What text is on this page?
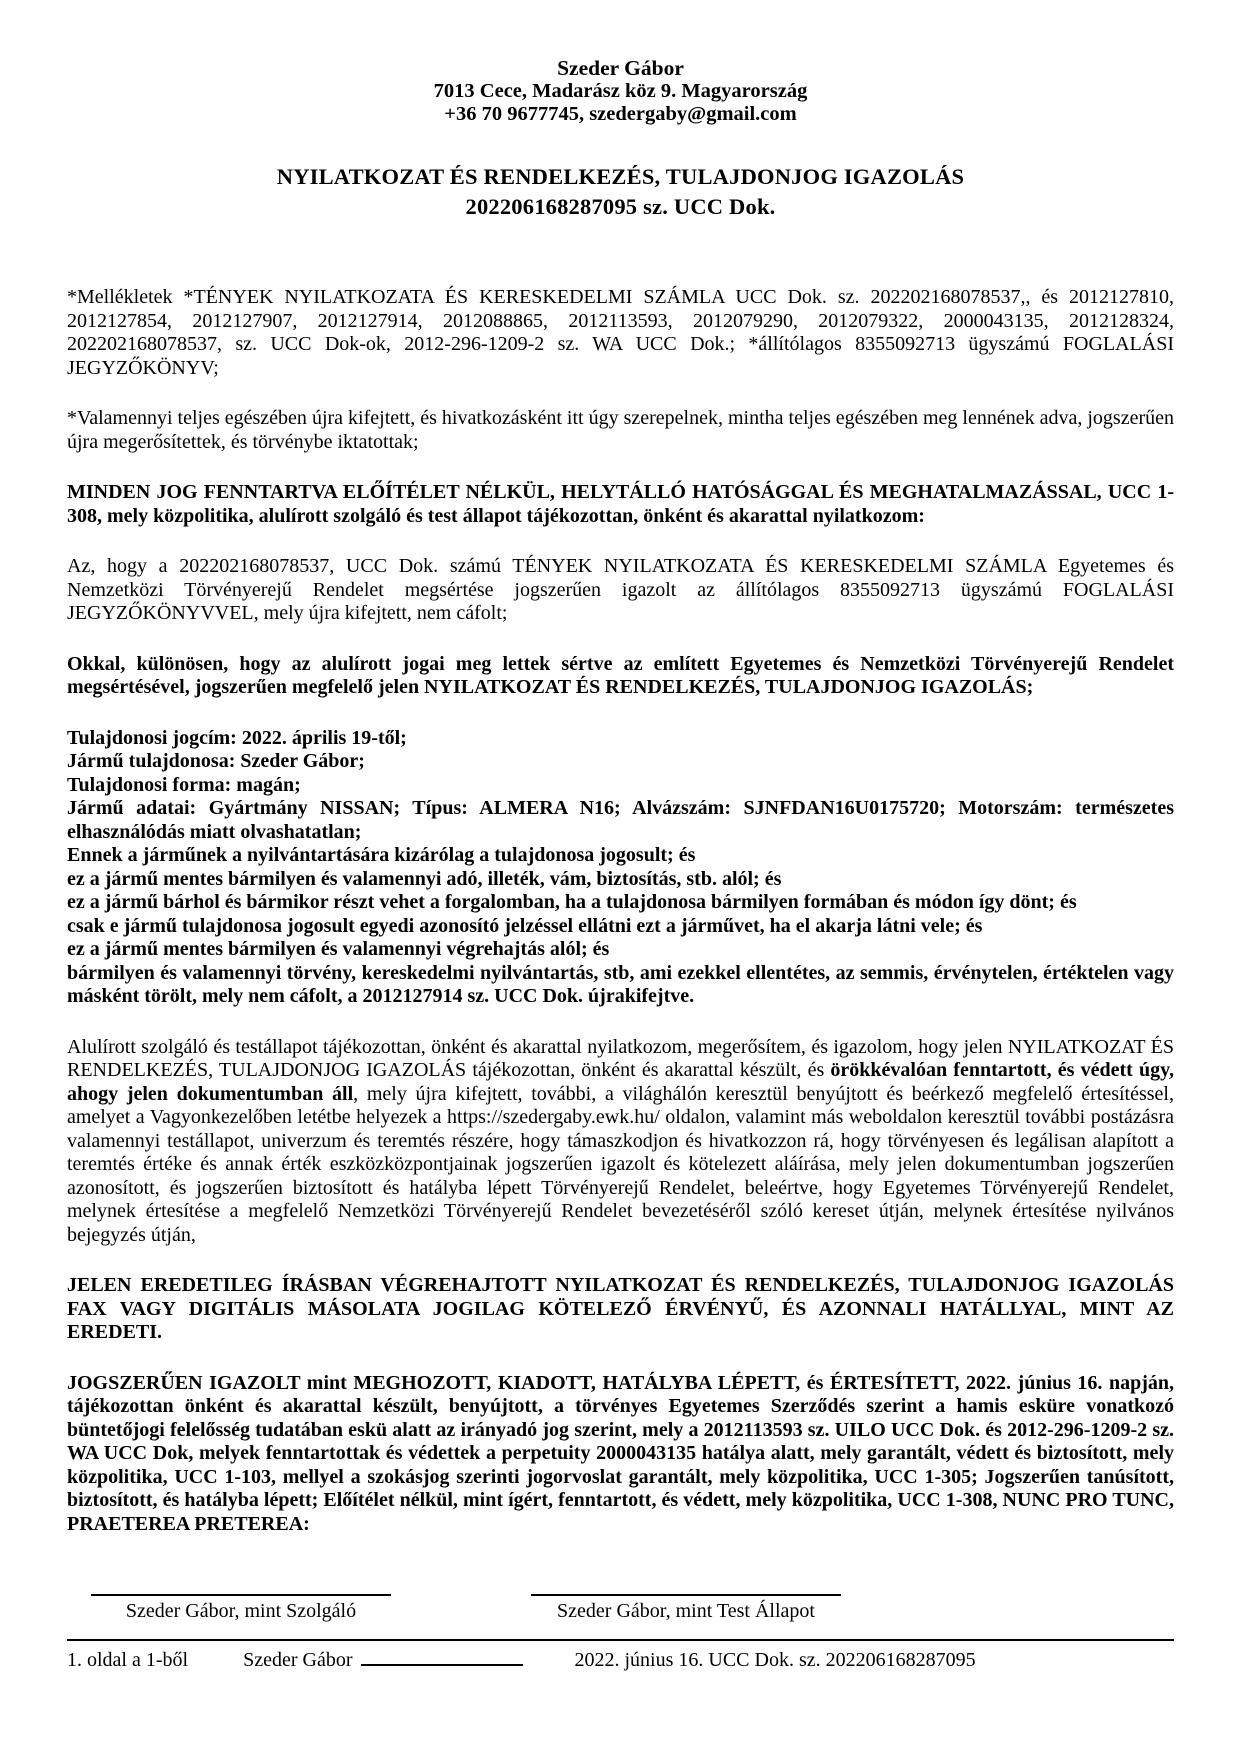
Szeder Gábor
7013 Cece, Madarász köz 9. Magyarország
+36 70 9677745, szedergaby@gmail.com
NYILATKOZAT ÉS RENDELKEZÉS, TULAJDONJOG IGAZOLÁS
202206168287095 sz. UCC Dok.

*Mellékletek *TÉNYEK NYILATKOZATA ÉS KERESKEDELMI SZÁMLA UCC Dok. sz. 202202168078537,, és 2012127810, 2012127854, 2012127907, 2012127914, 2012088865, 2012113593, 2012079290, 2012079322, 2000043135, 2012128324, 202202168078537, sz. UCC Dok-ok, 2012-296-1209-2 sz. WA UCC Dok.; *állítólagos 8355092713 ügyszámú FOGLALÁSI JEGYZŐKÖNYV;

*Valamennyi teljes egészében újra kifejtett, és hivatkozásként itt úgy szerepelnek, mintha teljes egészében meg lennének adva, jogszerűen újra megerősítettek, és törvénybe iktatottak;

MINDEN JOG FENNTARTVA ELŐÍTÉLET NÉLKÜL, HELYTÁLLÓ HATÓSÁGGAL ÉS MEGHATALMAZÁSSAL, UCC 1-308, mely közpolitika, alulírott szolgáló és test állapot tájékozottan, önként és akarattal nyilatkozom:

Az, hogy a 202202168078537, UCC Dok. számú TÉNYEK NYILATKOZATA ÉS KERESKEDELMI SZÁMLA Egyetemes és Nemzetközi Törvényerejű Rendelet megsértése jogszerűen igazolt az állítólagos 8355092713 ügyszámú FOGLALÁSI JEGYZŐKÖNYVVEL, mely újra kifejtett, nem cáfolt;

Okkal, különösen, hogy az alulírott jogai meg lettek sértve az említett Egyetemes és Nemzetközi Törvényerejű Rendelet megsértésével, jogszerűen megfelelő jelen NYILATKOZAT ÉS RENDELKEZÉS, TULAJDONJOG IGAZOLÁS;

Tulajdonosi jogcím: 2022. április 19-től;
Jármű tulajdonosa: Szeder Gábor;
Tulajdonosi forma: magán;
Jármű adatai: Gyártmány NISSAN; Típus: ALMERA N16; Alvázszám: SJNFDAN16U0175720; Motorszám: természetes elhasználódás miatt olvashatatlan;
Ennek a járműnek a nyilvántartására kizárólag a tulajdonosa jogosult; és
ez a jármű mentes bármilyen és valamennyi adó, illeték, vám, biztosítás, stb. alól; és
ez a jármű bárhol és bármikor részt vehet a forgalomban, ha a tulajdonosa bármilyen formában és módon így dönt; és
csak e jármű tulajdonosa jogosult egyedi azonosító jelzéssel ellátni ezt a járművet, ha el akarja látni vele; és
ez a jármű mentes bármilyen és valamennyi végrehajtás alól; és
bármilyen és valamennyi törvény, kereskedelmi nyilvántartás, stb, ami ezekkel ellentétes, az semmis, érvénytelen, értéktelen vagy másként törölt, mely nem cáfolt, a 2012127914 sz. UCC Dok. újrakifejtve.

Alulírott szolgáló és testállapot tájékozottan, önként és akarattal nyilatkozom, megerősítem, és igazolom, hogy jelen NYILATKOZAT ÉS RENDELKEZÉS, TULAJDONJOG IGAZOLÁS tájékozottan, önként és akarattal készült, és örökkévalóan fenntartott, és védett úgy, ahogy jelen dokumentumban áll, mely újra kifejtett, további, a világhálón keresztül benyújtott és beérkező megfelelő értesítéssel, amelyet a Vagyonkezelőben letétbe helyezek a https://szedergaby.ewk.hu/ oldalon, valamint más weboldalon keresztül további postázásra valamennyi testállapot, univerzum és teremtés részére, hogy támaszkodjon és hivatkozzon rá, hogy törvényesen és legálisan alapított a teremtés értéke és annak érték eszközközpontjainak jogszerűen igazolt és kötelezett aláírása, mely jelen dokumentumban jogszerűen azonosított, és jogszerűen biztosított és hatályba lépett Törvényerejű Rendelet, beleértve, hogy Egyetemes Törvényerejű Rendelet, melynek értesítése a megfelelő Nemzetközi Törvényerejű Rendelet bevezetéséről szóló kereset útján, melynek értesítése nyilvános bejegyzés útján,

JELEN EREDETILEG ÍRÁSBAN VÉGREHAJTOTT NYILATKOZAT ÉS RENDELKEZÉS, TULAJDONJOG IGAZOLÁS FAX VAGY DIGITÁLIS MÁSOLATA JOGILAG KÖTELEZŐ ÉRVÉNYŰ, ÉS AZONNALI HATÁLLYAL, MINT AZ EREDETI.

JOGSZERŰEN IGAZOLT mint MEGHOZOTT, KIADOTT, HATÁLYBA LÉPETT, és ÉRTESÍTETT, 2022. június 16. napján, tájékozottan önként és akarattal készült, benyújtott, a törvényes Egyetemes Szerződés szerint a hamis esküre vonatkozó büntetőjogi felelősség tudatában eskü alatt az irányadó jog szerint, mely a 2012113593 sz. UILO UCC Dok. és 2012-296-1209-2 sz. WA UCC Dok, melyek fenntartottak és védettek a perpetuity 2000043135 hatálya alatt, mely garantált, védett és biztosított, mely közpolitika, UCC 1-103, mellyel a szokásjog szerinti jogorvoslat garantált, mely közpolitika, UCC 1-305; Jogszerűen tanúsított, biztosított, és hatályba lépett; Előítélet nélkül, mint ígért, fenntartott, és védett, mely közpolitika, UCC 1-308, NUNC PRO TUNC, PRAETEREA PRETEREA:

Szeder Gábor, mint Szolgáló	Szeder Gábor, mint Test Állapot
1. oldal a 1-ből	Szeder Gábor	2022. június 16. UCC Dok. sz. 202206168287095
